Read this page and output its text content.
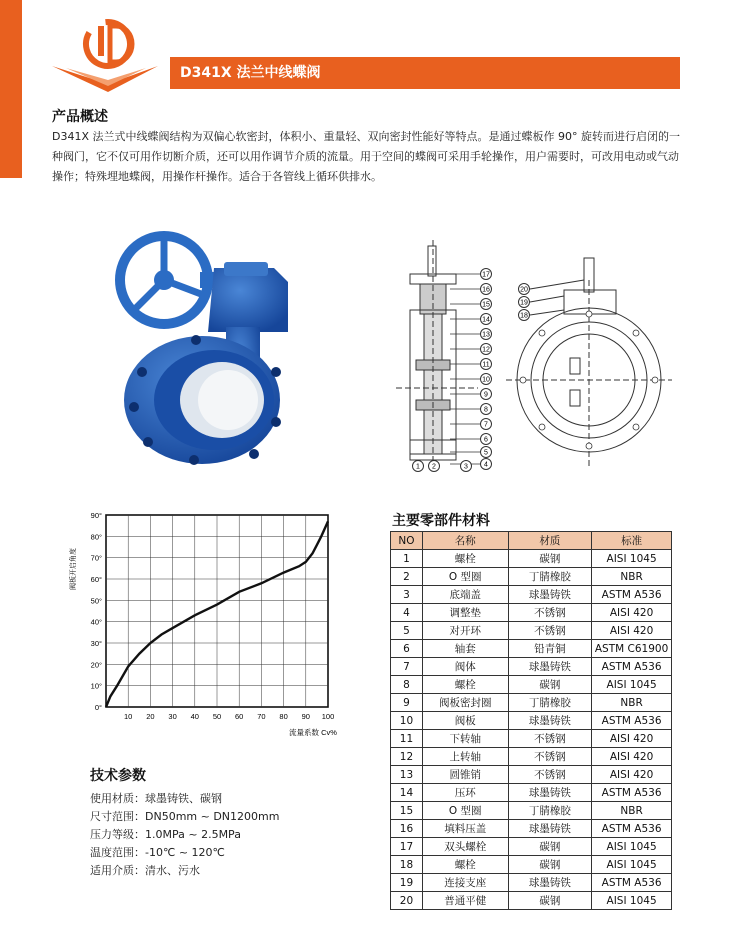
D341X 法兰中线蝶阀
产品概述
D341X 法兰式中线蝶阀结构为双偏心软密封，体积小、重量轻、双向密封性能好等特点。是通过蝶板作 90° 旋转而进行启闭的一种阀门，它不仅可用作切断介质，还可以用作调节介质的流量。用于空间的蝶阀可采用手轮操作，用户需要时，可改用电动或气动操作；特殊埋地蝶阀，用操作杆操作。适合于各管线上循环供排水。
17
16
15
14
13
12
11
10
9
8
7
6
5
4
1 2	3
20
19
18
0°
10°
20°
30°
40°
50°
60°
70°
80°
90°
10 20 30 40 50 60 70 80 90 100
阀板开启角度
流量系数 Cv%
技术参数
使用材质：球墨铸铁、碳钢
尺寸范围：DN50mm ~ DN1200mm
压力等级：1.0MPa ~ 2.5MPa
温度范围：-10℃ ~ 120℃
适用介质：清水、污水
主要零部件材料
NO	名称	材质	标准
1	螺栓	碳钢	AISI 1045
2	O 型圈	丁腈橡胶	NBR
3	底端盖	球墨铸铁	ASTM A536
4	调整垫	不锈钢	AISI 420
5	对开环	不锈钢	AISI 420
6	轴套	铅青铜	ASTM C61900
7	阀体	球墨铸铁	ASTM A536
8	螺栓	碳钢	AISI 1045
9	阀板密封圈	丁腈橡胶	NBR
10	阀板	球墨铸铁	ASTM A536
11	下转轴	不锈钢	AISI 420
12	上转轴	不锈钢	AISI 420
13	圆锥销	不锈钢	AISI 420
14	压环	球墨铸铁	ASTM A536
15	O 型圈	丁腈橡胶	NBR
16	填料压盖	球墨铸铁	ASTM A536
17	双头螺栓	碳钢	AISI 1045
18	螺栓	碳钢	AISI 1045
19	连接支座	球墨铸铁	ASTM A536
20	普通平健	碳钢	AISI 1045
